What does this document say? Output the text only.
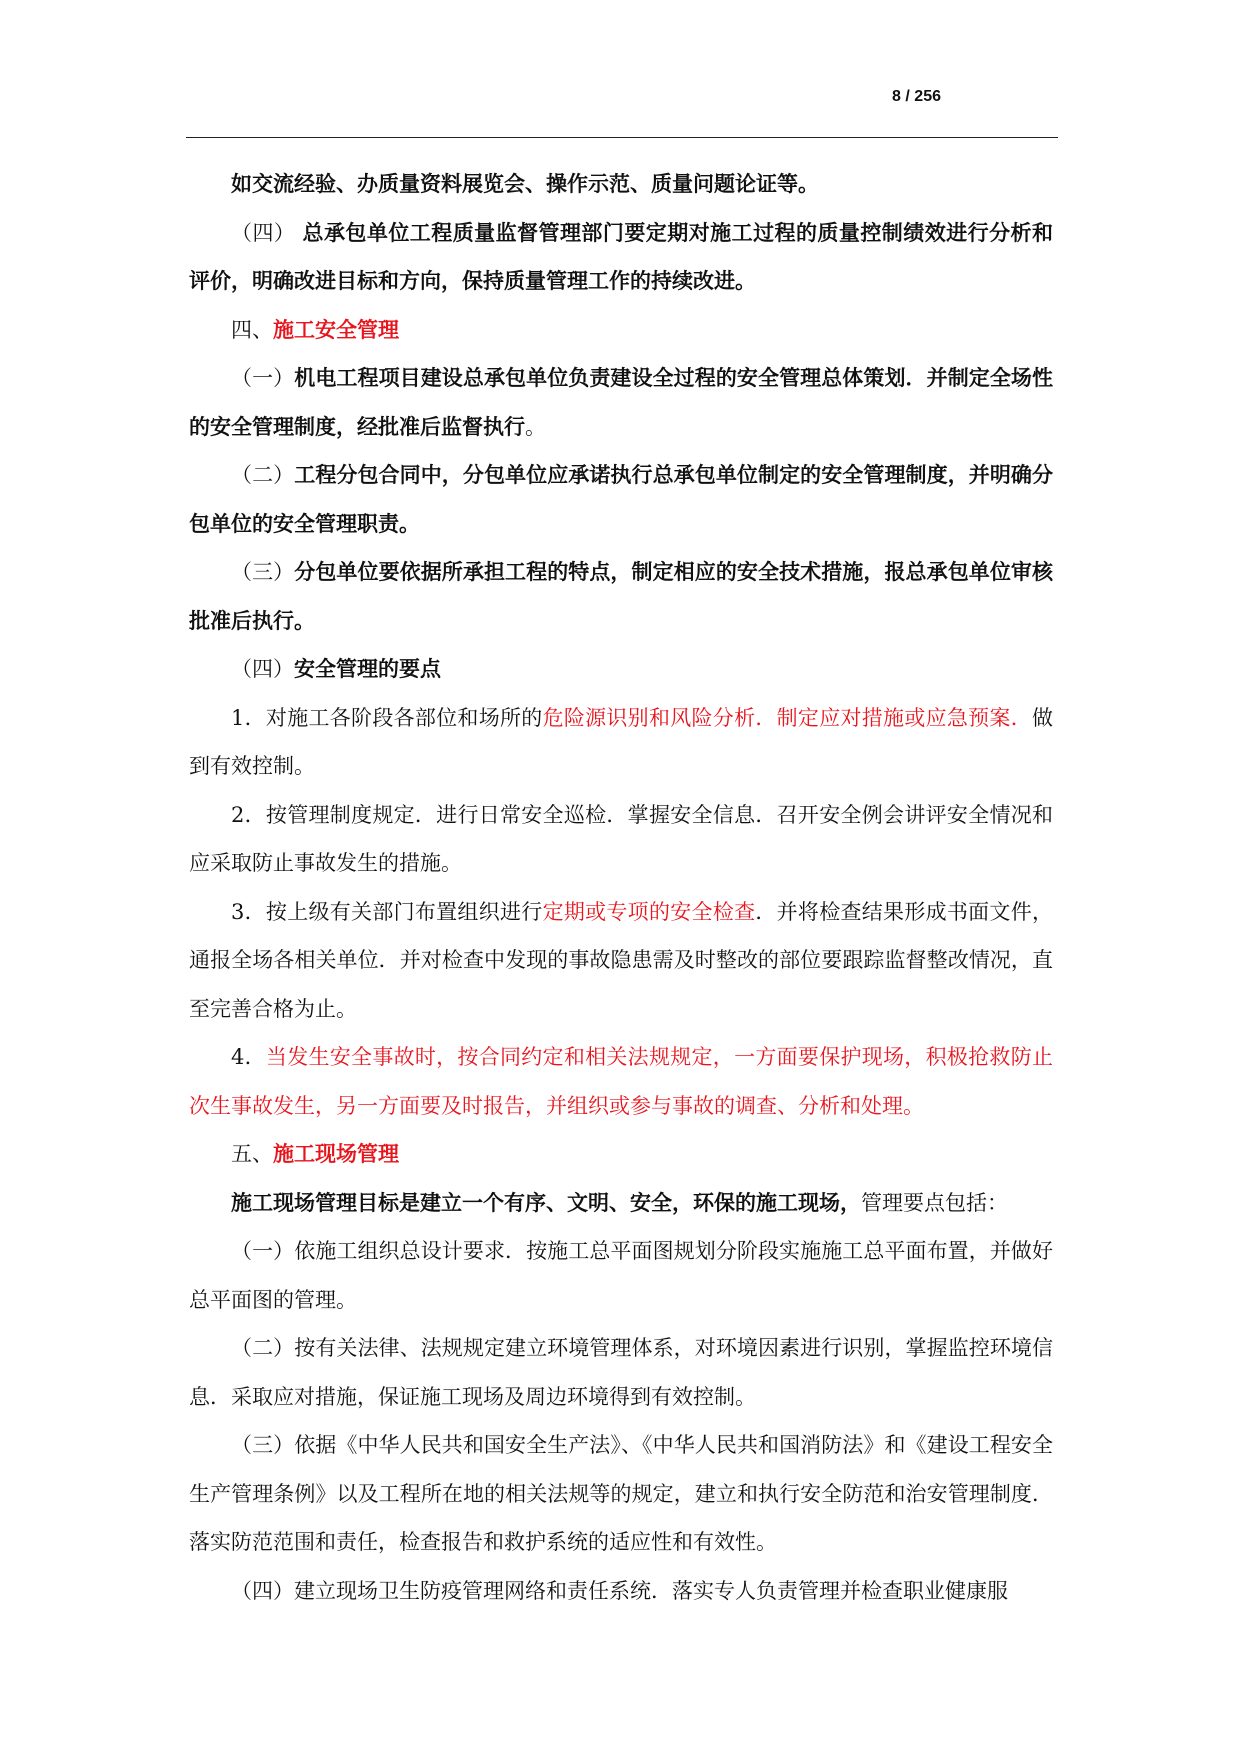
8 / 256

如交流经验、办质量资料展览会、操作示范、质量问题论证等。

（四） 总承包单位工程质量监督管理部门要定期对施工过程的质量控制绩效进行分析和评价，明确改进目标和方向，保持质量管理工作的持续改进。

四、施工安全管理

（一）机电工程项目建设总承包单位负责建设全过程的安全管理总体策划．并制定全场性的安全管理制度，经批准后监督执行。

（二）工程分包合同中，分包单位应承诺执行总承包单位制定的安全管理制度，并明确分包单位的安全管理职责。

（三）分包单位要依据所承担工程的特点，制定相应的安全技术措施，报总承包单位审核批准后执行。

（四）安全管理的要点

1．对施工各阶段各部位和场所的危险源识别和风险分析．制定应对措施或应急预案．做到有效控制。

2．按管理制度规定．进行日常安全巡检．掌握安全信息．召开安全例会讲评安全情况和应采取防止事故发生的措施。

3．按上级有关部门布置组织进行定期或专项的安全检查．并将检查结果形成书面文件，通报全场各相关单位．并对检查中发现的事故隐患需及时整改的部位要跟踪监督整改情况，直至完善合格为止。

4．当发生安全事故时，按合同约定和相关法规规定，一方面要保护现场，积极抢救防止次生事故发生，另一方面要及时报告，并组织或参与事故的调查、分析和处理。

五、施工现场管理

施工现场管理目标是建立一个有序、文明、安全，环保的施工现场，管理要点包括：

（一）依施工组织总设计要求．按施工总平面图规划分阶段实施施工总平面布置，并做好总平面图的管理。

（二）按有关法律、法规规定建立环境管理体系，对环境因素进行识别，掌握监控环境信息．采取应对措施，保证施工现场及周边环境得到有效控制。

（三）依据《中华人民共和国安全生产法》、《中华人民共和国消防法》和《建设工程安全生产管理条例》以及工程所在地的相关法规等的规定，建立和执行安全防范和治安管理制度．落实防范范围和责任，检查报告和救护系统的适应性和有效性。

（四）建立现场卫生防疫管理网络和责任系统．落实专人负责管理并检查职业健康服
